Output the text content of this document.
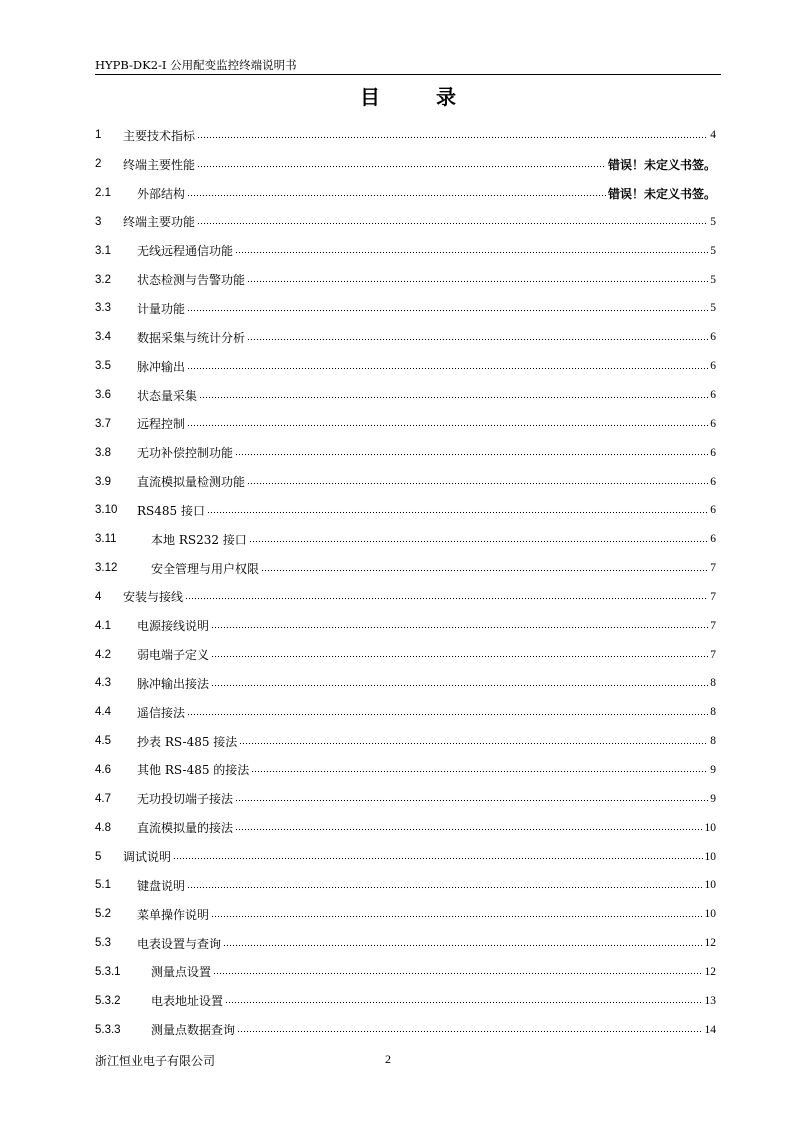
HYPB-DK2-I 公用配变监控终端说明书
目录
1	主要技术指标	4
2	终端主要性能	错误！未定义书签。
2.1	外部结构	错误！未定义书签。
3	终端主要功能	5
3.1	无线远程通信功能	5
3.2	状态检测与告警功能	5
3.3	计量功能	5
3.4	数据采集与统计分析	6
3.5	脉冲输出	6
3.6	状态量采集	6
3.7	远程控制	6
3.8	无功补偿控制功能	6
3.9	直流模拟量检测功能	6
3.10	RS485 接口	6
3.11	本地 RS232 接口	6
3.12	安全管理与用户权限	7
4	安装与接线	7
4.1	电源接线说明	7
4.2	弱电端子定义	7
4.3	脉冲输出接法	8
4.4	遥信接法	8
4.5	抄表 RS-485 接法	8
4.6	其他 RS-485 的接法	9
4.7	无功投切端子接法	9
4.8	直流模拟量的接法	10
5	调试说明	10
5.1	键盘说明	10
5.2	菜单操作说明	10
5.3	电表设置与查询	12
5.3.1	测量点设置	12
5.3.2	电表地址设置	13
5.3.3	测量点数据查询	14
浙江恒业电子有限公司	2
